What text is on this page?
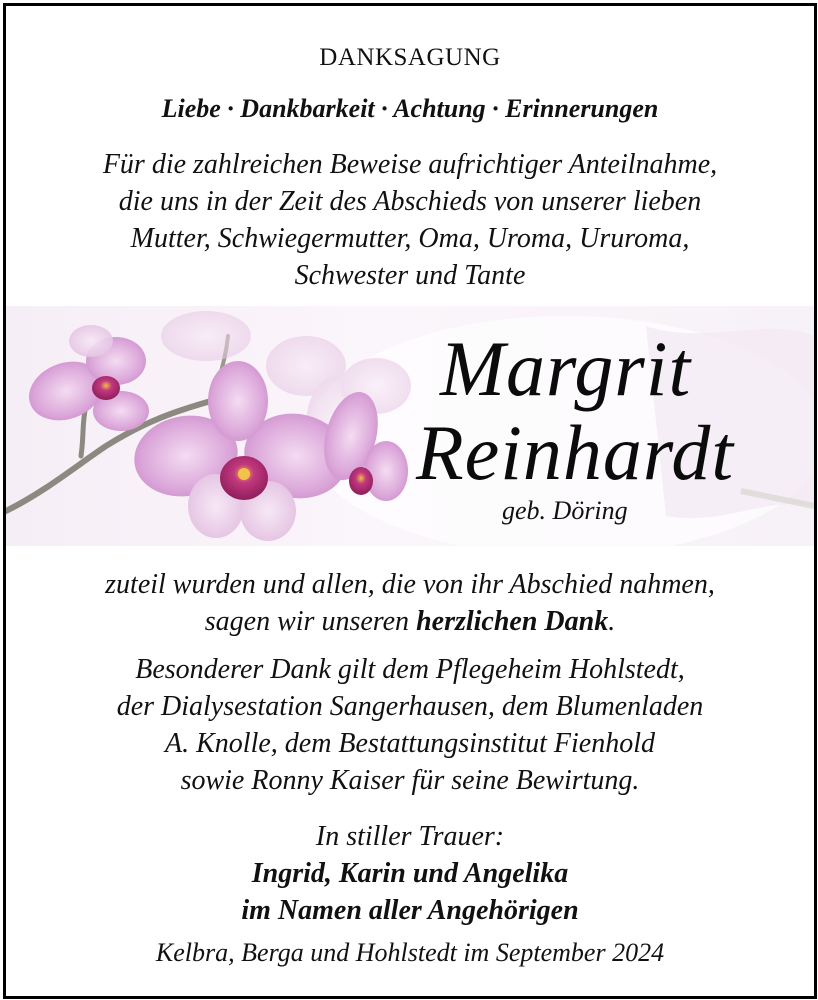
DANKSAGUNG
Liebe · Dankbarkeit · Achtung · Erinnerungen
Für die zahlreichen Beweise aufrichtiger Anteilnahme,
die uns in der Zeit des Abschieds von unserer lieben
Mutter, Schwiegermutter, Oma, Uroma, Ururoma,
Schwester und Tante
Margrit
Reinhardt
geb. Döring
zuteil wurden und allen, die von ihr Abschied nahmen,
sagen wir unseren herzlichen Dank.
Besonderer Dank gilt dem Pflegeheim Hohlstedt,
der Dialysestation Sangerhausen, dem Blumenladen
A. Knolle, dem Bestattungsinstitut Fienhold
sowie Ronny Kaiser für seine Bewirtung.
In stiller Trauer:
Ingrid, Karin und Angelika
im Namen aller Angehörigen
Kelbra, Berga und Hohlstedt im September 2024
